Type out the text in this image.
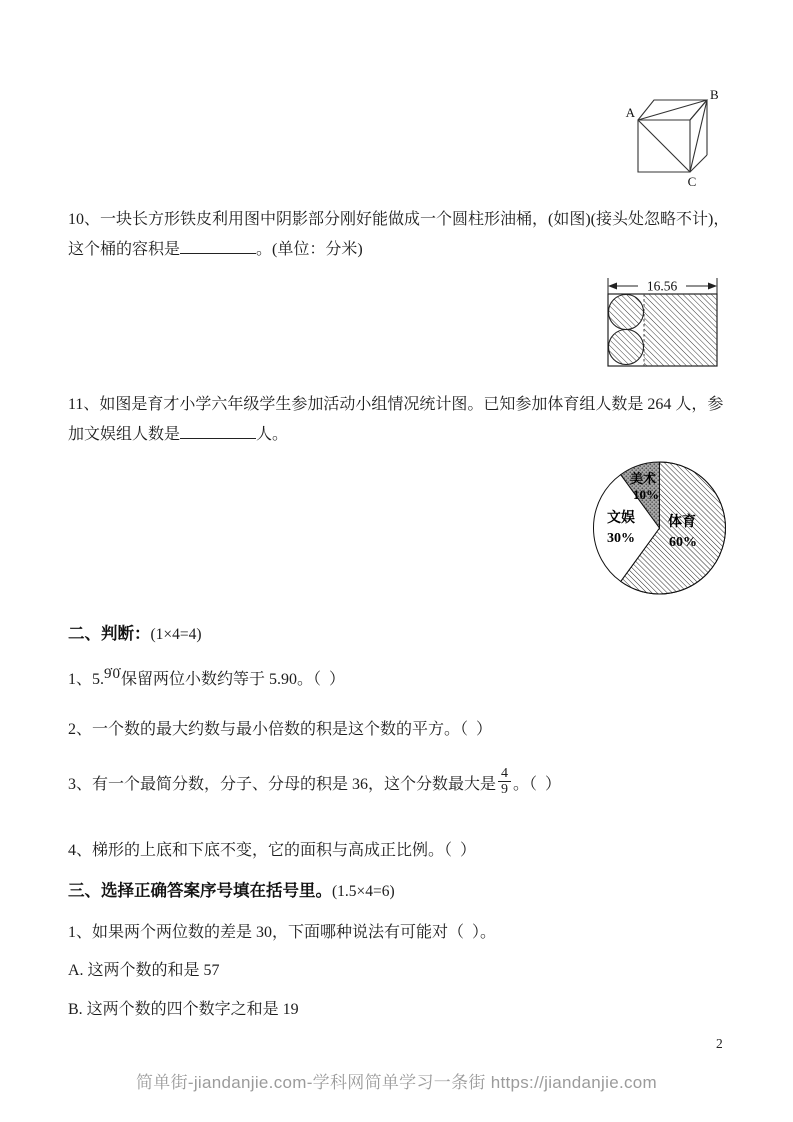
A
B
C
10、一块长方形铁皮利用图中阴影部分刚好能做成一个圆柱形油桶，(如图)(接头处忽略不计)，
这个桶的容积是	。(单位：分米)
16.56
11、如图是育才小学六年级学生参加活动小组情况统计图。已知参加体育组人数是 264 人，参
加文娱组人数是	人。
美术
10%
文娱
30%
体育
60%
二、判断：(1×4=4)
1、5.9̇0̇保留两位小数约等于 5.90。（  ）
2、一个数的最大约数与最小倍数的积是这个数的平方。（  ）
3、有一个最简分数，分子、分母的积是 36，这个分数最大是 $\frac{4}{9}$ 。（  ）
4、梯形的上底和下底不变，它的面积与高成正比例。（  ）
三、选择正确答案序号填在括号里。(1.5×4=6)
1、如果两个两位数的差是 30，下面哪种说法有可能对（  ）。
A. 这两个数的和是 57
B. 这两个数的四个数字之和是 19
2
简单街-jiandanjie.com-学科网简单学习一条街 https://jiandanjie.com
